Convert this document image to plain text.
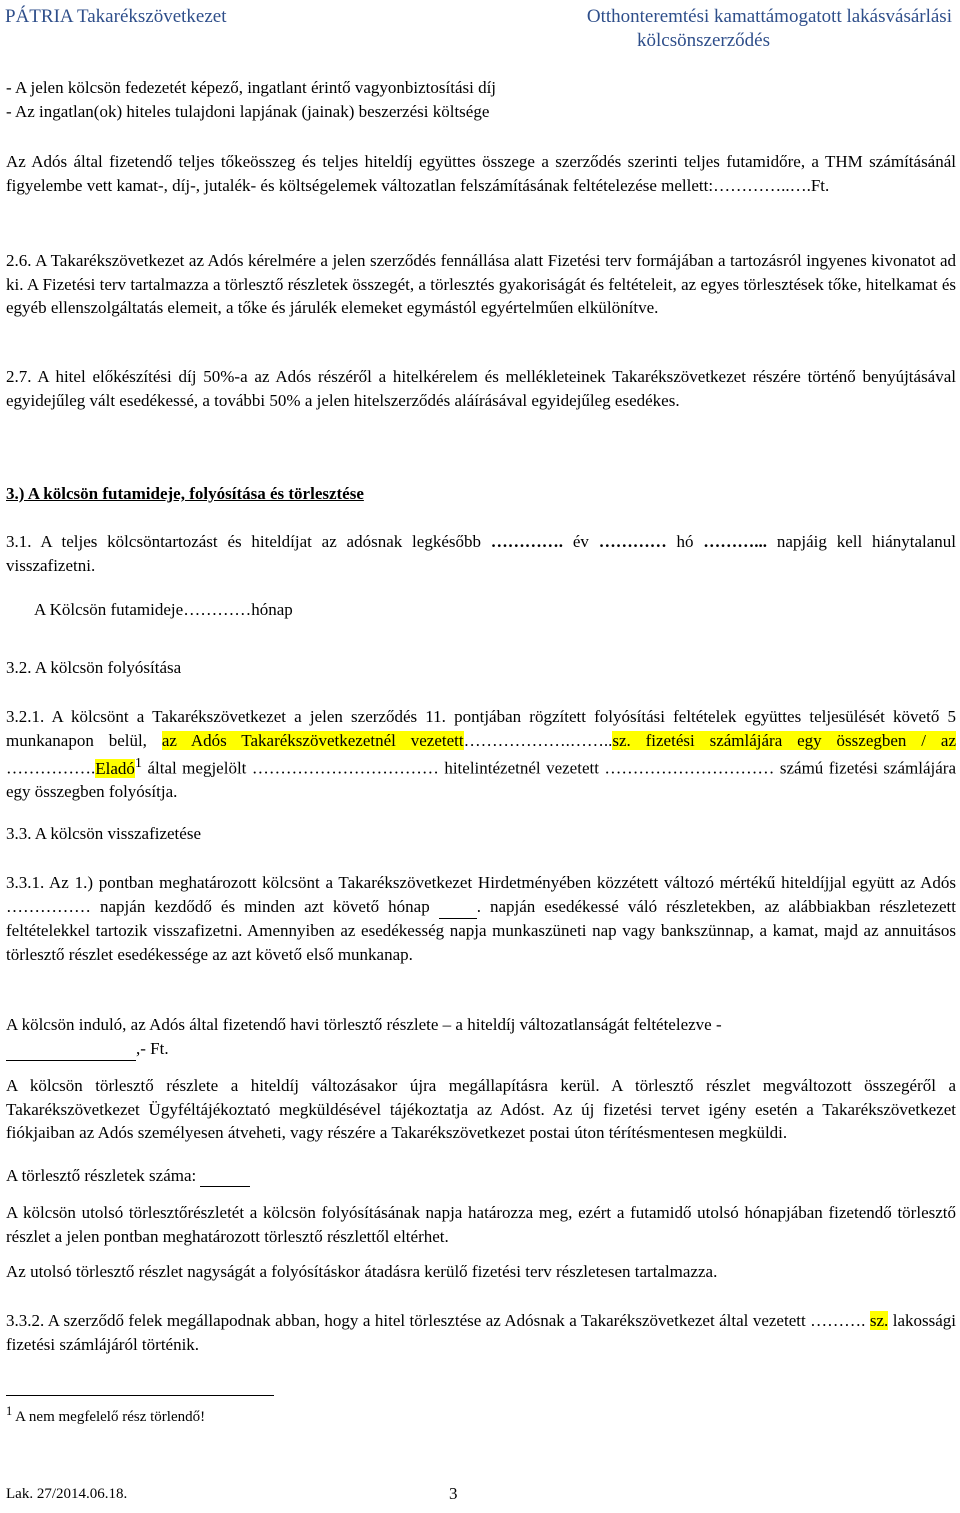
PÁTRIA Takarékszövetkezet	Otthonteremtési kamattámogatott lakásvásárlási
kölcsönszerződés
- A jelen kölcsön fedezetét képező, ingatlant érintő vagyonbiztosítási díj
- Az ingatlan(ok) hiteles tulajdoni lapjának (jainak) beszerzési költsége
Az Adós által fizetendő teljes tőkeösszeg és teljes hiteldíj együttes összege a szerződés szerinti teljes futamidőre, a THM számításánál figyelembe vett kamat-, díj-, jutalék- és költségelemek változatlan felszámításának feltételezése mellett:…………..….Ft.
2.6. A Takarékszövetkezet az Adós kérelmére a jelen szerződés fennállása alatt Fizetési terv formájában a tartozásról ingyenes kivonatot ad ki. A Fizetési terv tartalmazza a törlesztő részletek összegét, a törlesztés gyakoriságát és feltételeit, az egyes törlesztések tőke, hitelkamat és egyéb ellenszolgáltatás elemeit, a tőke és járulék elemeket egymástól egyértelműen elkülönítve.
2.7. A hitel előkészítési díj 50%-a az Adós részéről a hitelkérelem és mellékleteinek Takarékszövetkezet részére történő benyújtásával egyidejűleg vált esedékessé, a további 50% a jelen hitelszerződés aláírásával egyidejűleg esedékes.
3.) A kölcsön futamideje, folyósítása és törlesztése
3.1. A teljes kölcsöntartozást és hiteldíjat az adósnak legkésőbb …………. év ………… hó ………... napjáig kell hiánytalanul visszafizetni.
A Kölcsön futamideje…………hónap
3.2. A kölcsön folyósítása
3.2.1. A kölcsönt a Takarékszövetkezet a jelen szerződés 11. pontjában rögzített folyósítási feltételek együttes teljesülését követő 5 munkanapon belül, az Adós Takarékszövetkezetnél vezetett……………….……..sz. fizetési számlájára egy összegben / az …………….Eladó$^1$ által megjelölt …………………………… hitelintézetnél vezetett ………………………… számú fizetési számlájára egy összegben folyósítja.
3.3. A kölcsön visszafizetése
3.3.1. Az 1.) pontban meghatározott kölcsönt a Takarékszövetkezet Hirdetményében közzétett változó mértékű hiteldíjjal együtt az Adós …………… napján kezdődő és minden azt követő hónap  . napján esedékessé váló részletekben, az alábbiakban részletezett feltételekkel tartozik visszafizetni. Amennyiben az esedékesség napja munkaszüneti nap vagy bankszünnap, a kamat, majd az annuitásos törlesztő részlet esedékessége az azt követő első munkanap.
A kölcsön induló, az Adós által fizetendő havi törlesztő részlete – a hiteldíj változatlanságát feltételezve -
,- Ft.
A kölcsön törlesztő részlete a hiteldíj változásakor újra megállapításra kerül. A törlesztő részlet megváltozott összegéről a Takarékszövetkezet Ügyféltájékoztató megküldésével tájékoztatja az Adóst. Az új fizetési tervet igény esetén a Takarékszövetkezet fiókjaiban az Adós személyesen átveheti, vagy részére a Takarékszövetkezet postai úton térítésmentesen megküldi.
A törlesztő részletek száma:
A kölcsön utolsó törlesztőrészletét a kölcsön folyósításának napja határozza meg, ezért a futamidő utolsó hónapjában fizetendő törlesztő részlet a jelen pontban meghatározott törlesztő részlettől eltérhet.
Az utolsó törlesztő részlet nagyságát a folyósításkor átadásra kerülő fizetési terv részletesen tartalmazza.
3.3.2. A szerződő felek megállapodnak abban, hogy a hitel törlesztése az Adósnak a Takarékszövetkezet által vezetett ………. sz. lakossági fizetési számlájáról történik.
$^1$ A nem megfelelő rész törlendő!
Lak. 27/2014.06.18.	3
